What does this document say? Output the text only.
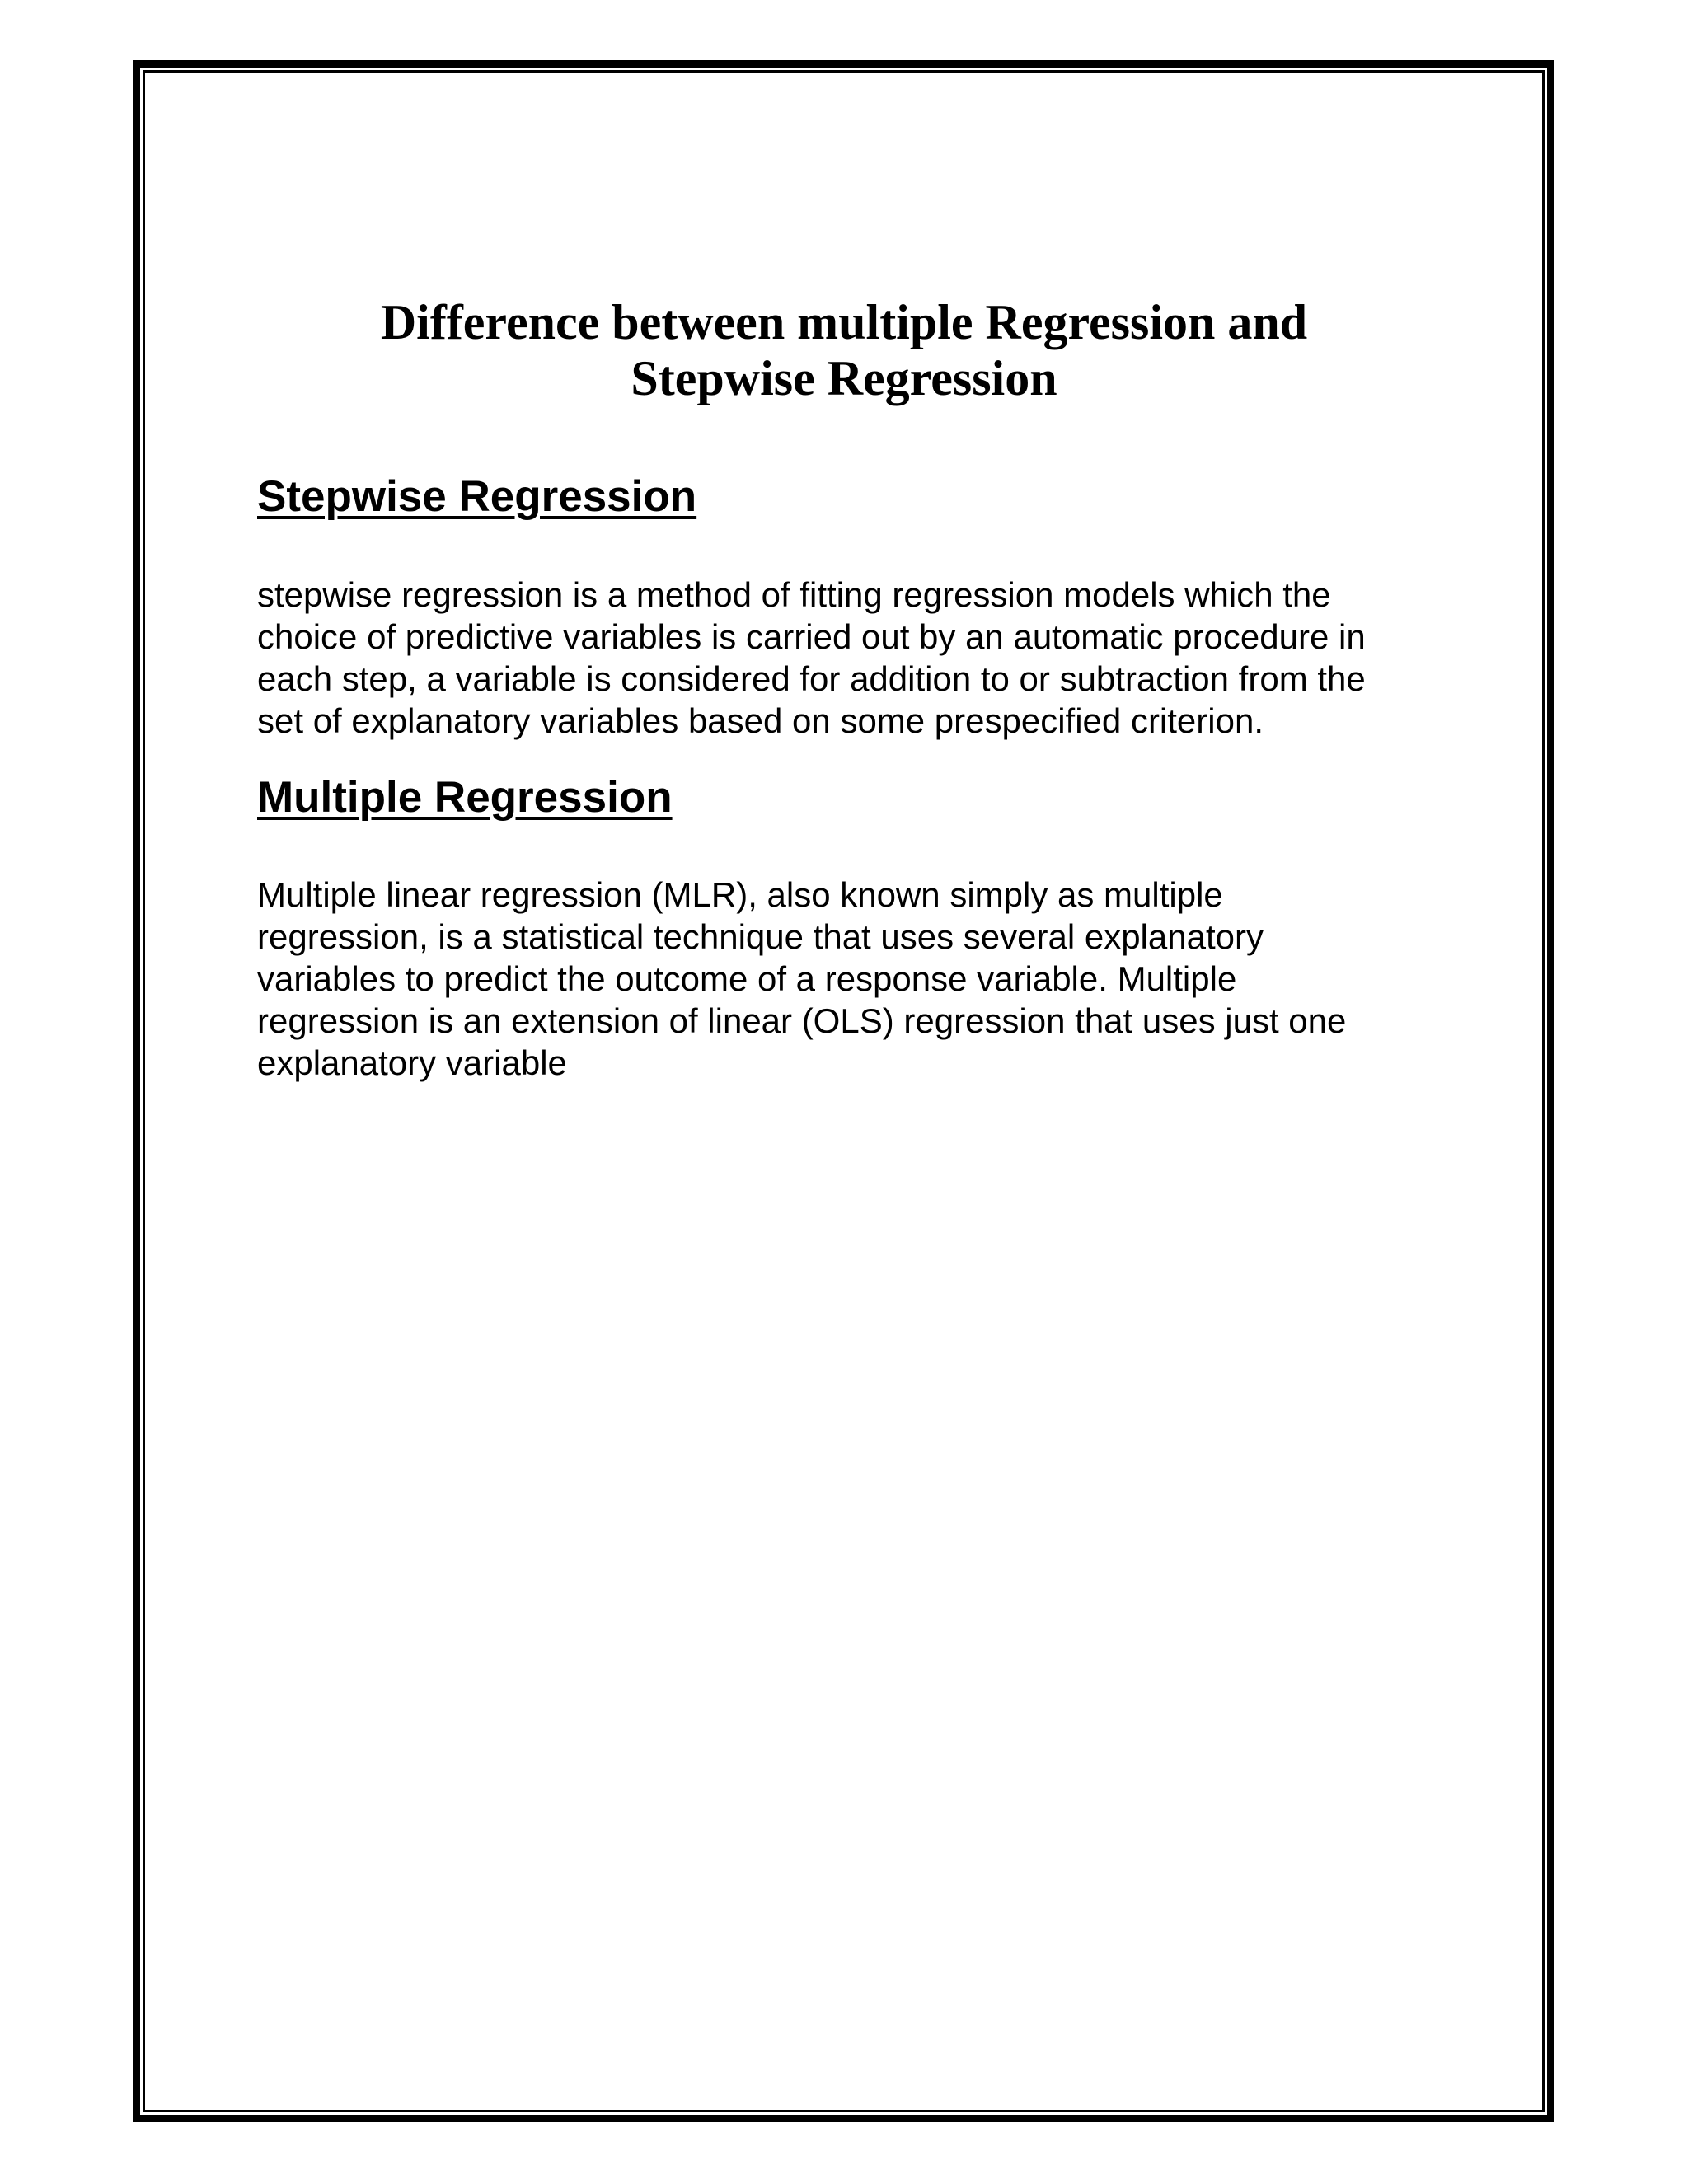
Difference between multiple Regression and
Stepwise Regression
Stepwise Regression
stepwise regression is a method of fitting regression models which the
choice of predictive variables is carried out by an automatic procedure in
each step, a variable is considered for addition to or subtraction from the
set of explanatory variables based on some prespecified criterion.
Multiple Regression
Multiple linear regression (MLR), also known simply as multiple
regression, is a statistical technique that uses several explanatory
variables to predict the outcome of a response variable. Multiple
regression is an extension of linear (OLS) regression that uses just one
explanatory variable
